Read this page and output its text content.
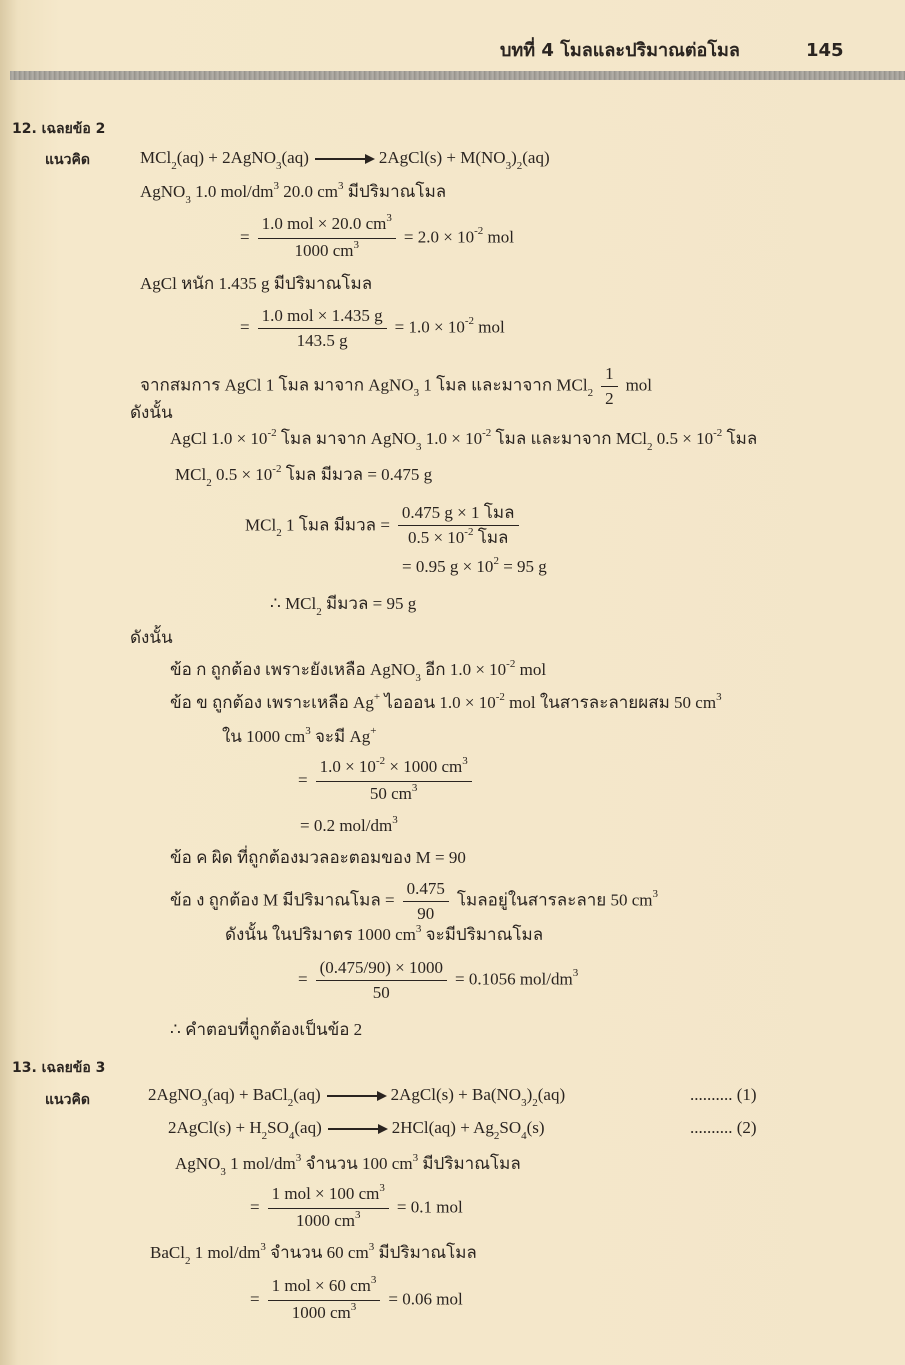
บทที่ 4 โมลและปริมาณต่อโมล	145
12. เฉลยข้อ 2
แนวคิด
13. เฉลยข้อ 3
แนวคิด
MCl$_2$(aq) + 2AgNO$_3$(aq) → 2AgCl(s) + $M(NO_3)_2(aq)$
AgNO$_3$ 1.0 mol/$dm^3$ 20.0 $cm^3$ มีปริมาณโมล
= $\frac{1.0 mol \times 20.0 cm^3}{1000 cm^3} = 2.0 \times 10^{-2}$ mol
AgCl หนัก 1.435 g มีปริมาณโมล
= $\frac{\text{1.0 mol × 1.435 g}}{143.5 g} = 1.0 \times 10^{-2}$ mol
จากสมการ AgCl 1 โมล มาจาก AgNO$_3$ 1 โมล และมาจาก $MCl_2 \frac{1}{2}$ mol
ดังนั้น
AgCl $1.0 \times 10^{-2}$ โมล มาจาก AgNO$_3$ $1.0 \times 10^{-2}$ โมล และมาจาก MCl$_2$ $0.5 \times 10^{-2}$ โมล
MCl$_2$ $0.5 \times 10^{-2}$ โมล มีมวล = 0.475 g
MCl$_2$ 1 โมล มีมวล = $\frac{\text{0.475 g × 1 โมล}}{0.5 \times 10^{-2} โมล}$
= 0.95 $g \times 10^2 = 95$ g
∴ MCl$_2$ มีมวล = 95 g
ดังนั้น
ข้อ ก ถูกต้อง เพราะยังเหลือ AgNO$_3$ อีก $1.0 \times 10^{-2}$ mol
ข้อ ข ถูกต้อง เพราะเหลือ Ag+ ไอออน $1.0 \times 10^{-2}$ mol ในสารละลายผสม 50 $cm^3$
ใน 1000 $cm^3$ จะมี Ag+
= $\frac{1.0 \times 10^{-2} \times 1000 cm^3}{50 cm^3}$
= 0.2 mol/$dm^3$
ข้อ ค ผิด ที่ถูกต้องมวลอะตอมของ M = 90
ข้อ ง ถูกต้อง M มีปริมาณโมล = $\frac{0.475}{90}$ โมลอยู่ในสารละลาย 50 $cm^3$
ดังนั้น ในปริมาตร 1000 $cm^3$ จะมีปริมาณโมล
= $\frac{(0.475/90) \times 1000}{50} = 0.1056$ mol/$dm^3$
∴ คำตอบที่ถูกต้องเป็นข้อ 2
2AgNO$_3$(aq) + BaCl$_2$(aq) → 2AgCl(s) + $Ba(NO_3)_2(aq)$	.......... (1)
2AgCl(s) + $H_2SO_4(aq) \to 2HCl(aq) + Ag_2SO_4(s)$	.......... (2)
AgNO$_3$ 1 mol/$dm^3$ จำนวน 100 $cm^3$ มีปริมาณโมล
= $\frac{1 mol \times 100 cm^3}{1000 cm^3} = 0.1$ mol
BaCl$_2$ 1 mol/$dm^3$ จำนวน 60 $cm^3$ มีปริมาณโมล
= $\frac{1 mol \times 60 cm^3}{1000 cm^3} = 0.06$ mol
